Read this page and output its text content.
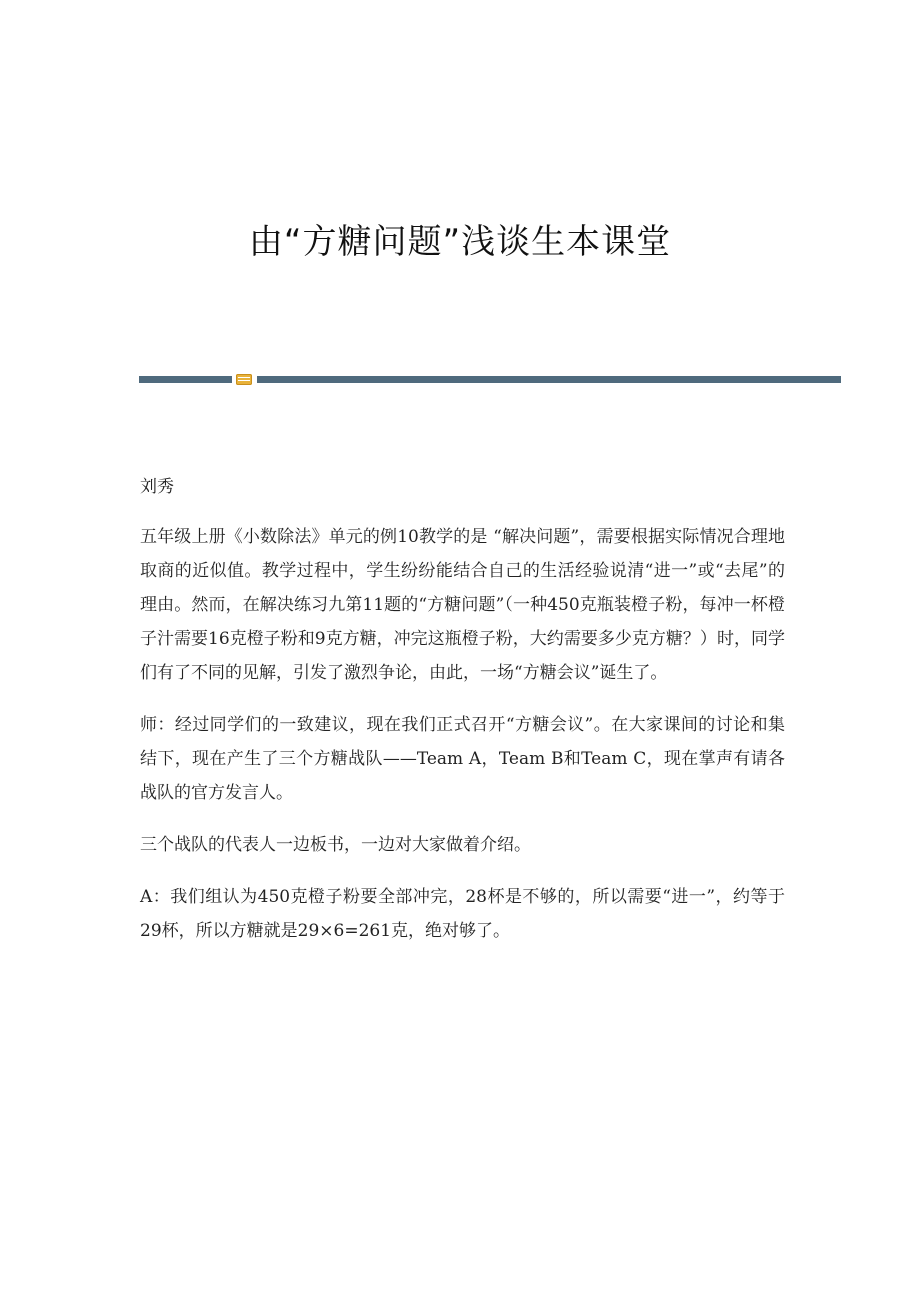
由“方糖问题”浅谈生本课堂

刘秀

五年级上册《小数除法》单元的例10教学的是 “解决问题”，需要根据实际情况合理地取商的近似值。教学过程中，学生纷纷能结合自己的生活经验说清“进一”或“去尾”的理由。然而，在解决练习九第11题的“方糖问题”（一种450克瓶装橙子粉，每冲一杯橙子汁需要16克橙子粉和9克方糖，冲完这瓶橙子粉，大约需要多少克方糖？）时，同学们有了不同的见解，引发了激烈争论，由此，一场“方糖会议”诞生了。

师：经过同学们的一致建议，现在我们正式召开“方糖会议”。在大家课间的讨论和集结下，现在产生了三个方糖战队——Team A，Team B和Team C，现在掌声有请各战队的官方发言人。

三个战队的代表人一边板书，一边对大家做着介绍。

A：我们组认为450克橙子粉要全部冲完，28杯是不够的，所以需要“进一”，约等于29杯，所以方糖就是29×6=261克，绝对够了。
